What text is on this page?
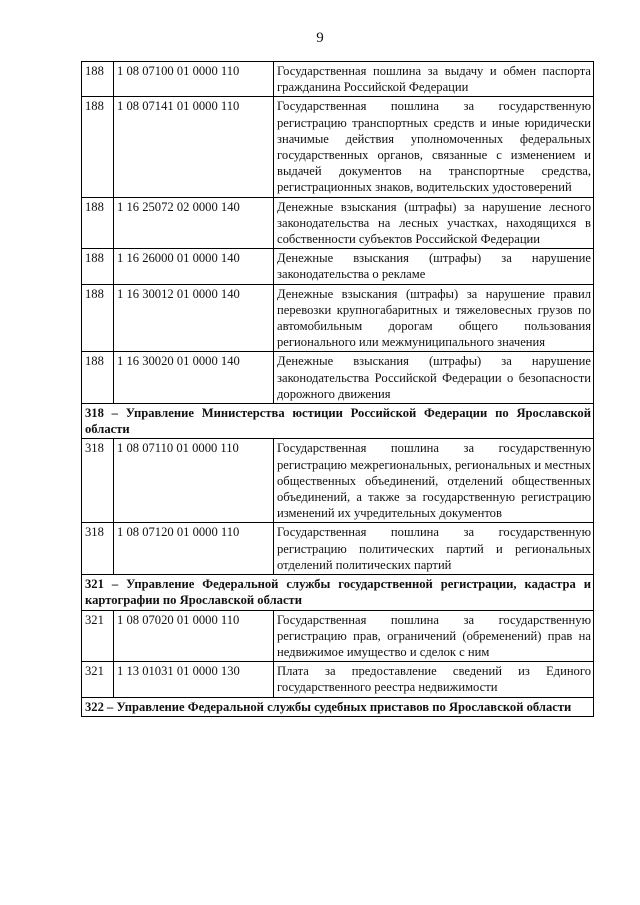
9
188	1 08 07100 01 0000 110	Государственная пошлина за выдачу и обмен паспорта гражданина Российской Федерации
188	1 08 07141 01 0000 110	Государственная пошлина за государственную регистрацию транспортных средств и иные юридически значимые действия уполномоченных федеральных государственных органов, связанные с изменением и выдачей документов на транспортные средства, регистрационных знаков, водительских удостоверений
188	1 16 25072 02 0000 140	Денежные взыскания (штрафы) за нарушение лесного законодательства на лесных участках, находящихся в собственности субъектов Российской Федерации
188	1 16 26000 01 0000 140	Денежные взыскания (штрафы) за нарушение законодательства о рекламе
188	1 16 30012 01 0000 140	Денежные взыскания (штрафы) за нарушение правил перевозки крупногабаритных и тяжеловесных грузов по автомобильным дорогам общего пользования регионального или межмуниципального значения
188	1 16 30020 01 0000 140	Денежные взыскания (штрафы) за нарушение законодательства Российской Федерации о безопасности дорожного движения
318 – Управление Министерства юстиции Российской Федерации по Ярославской области		
318	1 08 07110 01 0000 110	Государственная пошлина за государственную регистрацию межрегиональных, региональных и местных общественных объединений, отделений общественных объединений, а также за государственную регистрацию изменений их учредительных документов
318	1 08 07120 01 0000 110	Государственная пошлина за государственную регистрацию политических партий и региональных отделений политических партий
321 – Управление Федеральной службы государственной регистрации, кадастра и картографии по Ярославской области		
321	1 08 07020 01 0000 110	Государственная пошлина за государственную регистрацию прав, ограничений (обременений) прав на недвижимое имущество и сделок с ним
321	1 13 01031 01 0000 130	Плата за предоставление сведений из Единого государственного реестра недвижимости
322 – Управление Федеральной службы судебных приставов по Ярославской области		
